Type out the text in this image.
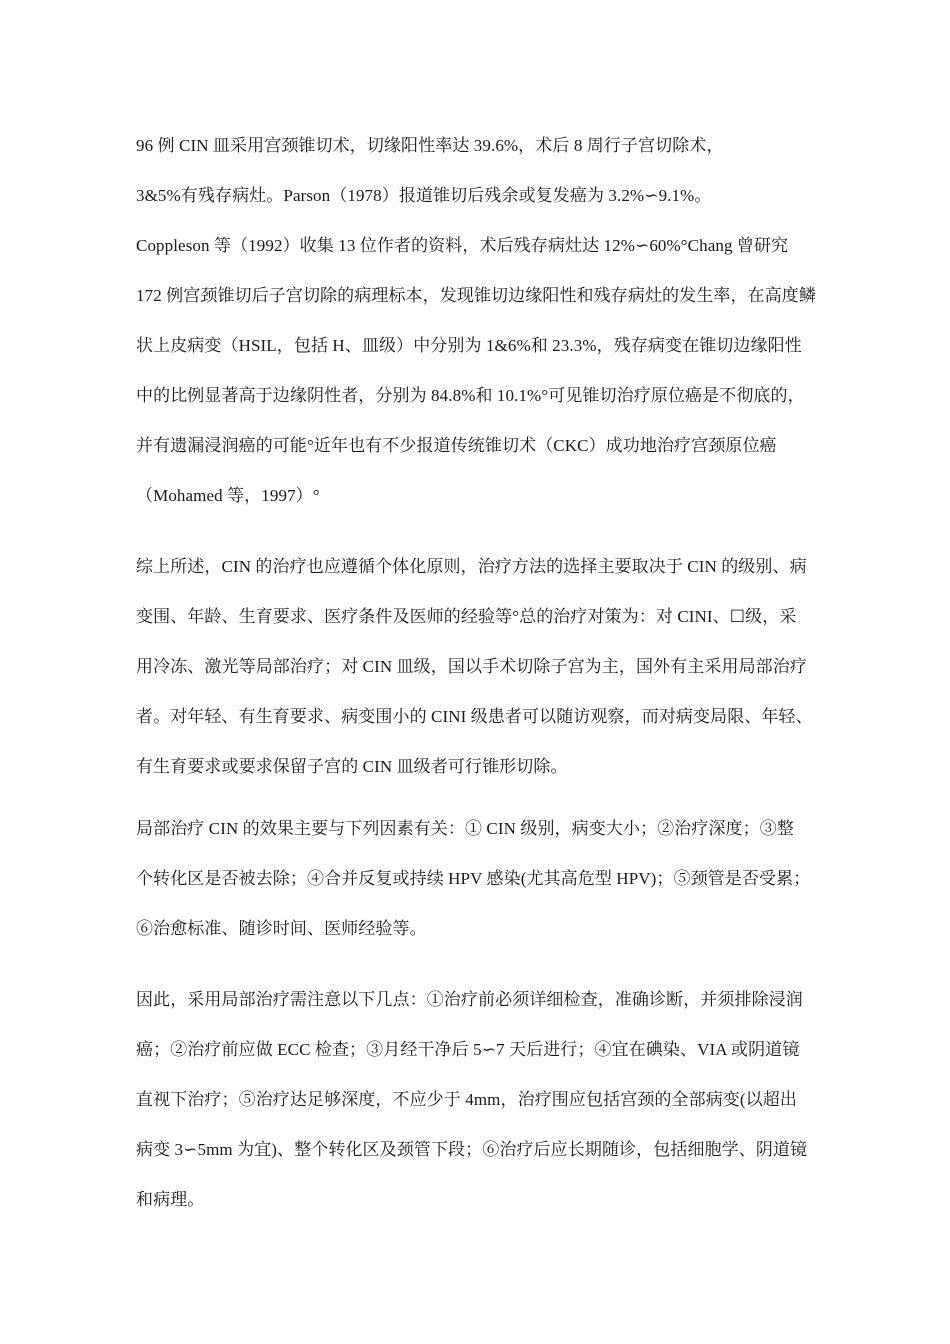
96 例 CIN 皿采用宫颈锥切术，切缘阳性率达 39.6%，术后 8 周行子宫切除术，
3&5%有残存病灶。Parson（1978）报道锥切后残余或复发癌为 3.2%∽9.1%。
Coppleson 等（1992）收集 13 位作者的资料，术后残存病灶达 12%∽60%°Chang 曾研究
172 例宫颈锥切后子宫切除的病理标本，发现锥切边缘阳性和残存病灶的发生率，在高度鳞
状上皮病变（HSIL，包括 H、皿级）中分别为 1&6%和 23.3%，残存病变在锥切边缘阳性
中的比例显著高于边缘阴性者，分别为 84.8%和 10.1%°可见锥切治疗原位癌是不彻底的，
并有遗漏浸润癌的可能°近年也有不少报道传统锥切术（CKC）成功地治疗宫颈原位癌
（Mohamed 等，1997）°
综上所述，CIN 的治疗也应遵循个体化原则，治疗方法的选择主要取决于 CIN 的级别、病
变围、年龄、生育要求、医疗条件及医师的经验等°总的治疗对策为：对 CINI、☐级，采
用冷冻、激光等局部治疗；对 CIN 皿级，国以手术切除子宫为主，国外有主采用局部治疗
者。对年轻、有生育要求、病变围小的 CINI 级患者可以随访观察，而对病变局限、年轻、
有生育要求或要求保留子宫的 CIN 皿级者可行锥形切除。
局部治疗 CIN 的效果主要与下列因素有关：① CIN 级别，病变大小；②治疗深度；③整
个转化区是否被去除；④合并反复或持续 HPV 感染(尤其高危型 HPV)；⑤颈管是否受累；
⑥治愈标准、随诊时间、医师经验等。
因此，采用局部治疗需注意以下几点：①治疗前必须详细检查，准确诊断，并须排除浸润
癌；②治疗前应做 ECC 检查；③月经干净后 5∽7 天后进行；④宜在碘染、VIA 或阴道镜
直视下治疗；⑤治疗达足够深度，不应少于 4mm，治疗围应包括宫颈的全部病变(以超出
病变 3∽5mm 为宜)、整个转化区及颈管下段；⑥治疗后应长期随诊，包括细胞学、阴道镜
和病理。
